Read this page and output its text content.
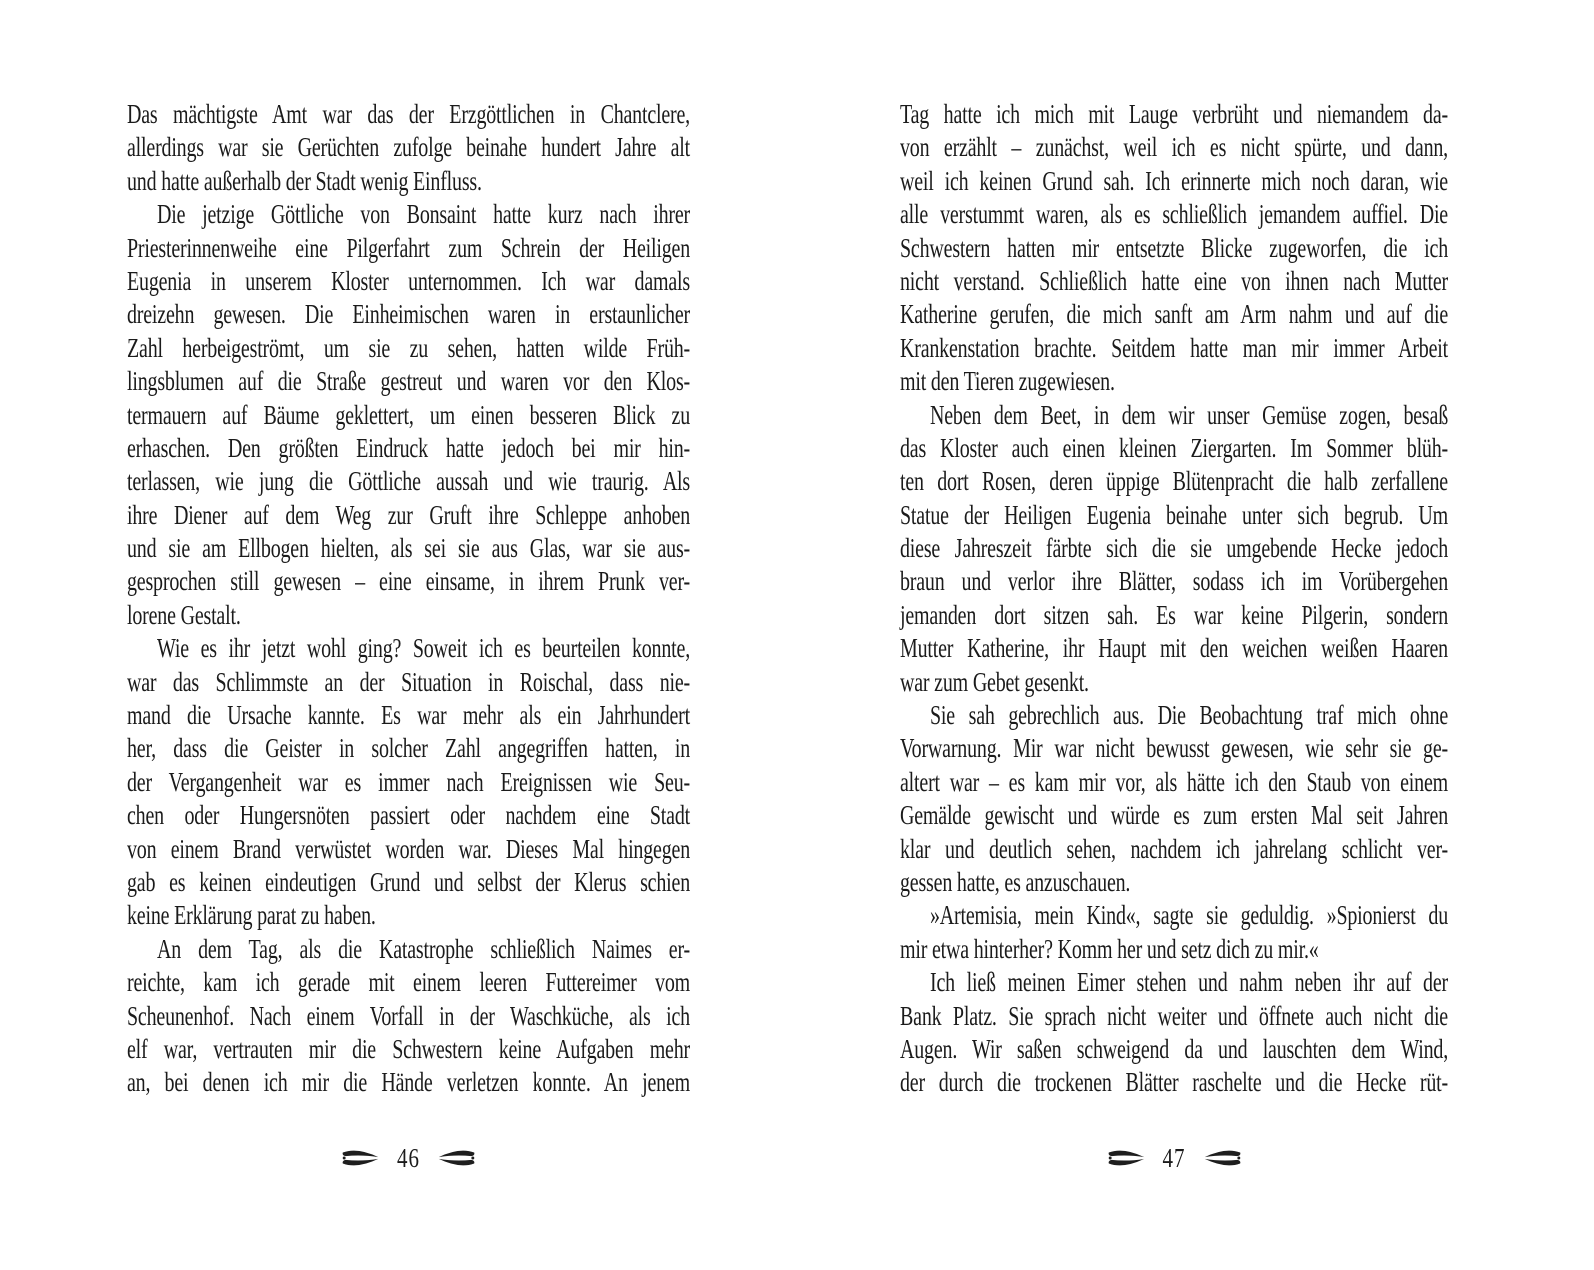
Das mächtigste Amt war das der Erzgöttlichen in Chantclere,
allerdings war sie Gerüchten zufolge beinahe hundert Jahre alt
und hatte außerhalb der Stadt wenig Einfluss.
Die jetzige Göttliche von Bonsaint hatte kurz nach ihrer
Priesterinnenweihe eine Pilgerfahrt zum Schrein der Heiligen
Eugenia in unserem Kloster unternommen. Ich war damals
dreizehn gewesen. Die Einheimischen waren in erstaunlicher
Zahl herbeigeströmt, um sie zu sehen, hatten wilde Früh-
lingsblumen auf die Straße gestreut und waren vor den Klos-
termauern auf Bäume geklettert, um einen besseren Blick zu
erhaschen. Den größten Eindruck hatte jedoch bei mir hin-
terlassen, wie jung die Göttliche aussah und wie traurig. Als
ihre Diener auf dem Weg zur Gruft ihre Schleppe anhoben
und sie am Ellbogen hielten, als sei sie aus Glas, war sie aus-
gesprochen still gewesen – eine einsame, in ihrem Prunk ver-
lorene Gestalt.
Wie es ihr jetzt wohl ging? Soweit ich es beurteilen konnte,
war das Schlimmste an der Situation in Roischal, dass nie-
mand die Ursache kannte. Es war mehr als ein Jahrhundert
her, dass die Geister in solcher Zahl angegriffen hatten, in
der Vergangenheit war es immer nach Ereignissen wie Seu-
chen oder Hungersnöten passiert oder nachdem eine Stadt
von einem Brand verwüstet worden war. Dieses Mal hingegen
gab es keinen eindeutigen Grund und selbst der Klerus schien
keine Erklärung parat zu haben.
An dem Tag, als die Katastrophe schließlich Naimes er-
reichte, kam ich gerade mit einem leeren Futtereimer vom
Scheunenhof. Nach einem Vorfall in der Waschküche, als ich
elf war, vertrauten mir die Schwestern keine Aufgaben mehr
an, bei denen ich mir die Hände verletzen konnte. An jenem
46
Tag hatte ich mich mit Lauge verbrüht und niemandem da-
von erzählt – zunächst, weil ich es nicht spürte, und dann,
weil ich keinen Grund sah. Ich erinnerte mich noch daran, wie
alle verstummt waren, als es schließlich jemandem auffiel. Die
Schwestern hatten mir entsetzte Blicke zugeworfen, die ich
nicht verstand. Schließlich hatte eine von ihnen nach Mutter
Katherine gerufen, die mich sanft am Arm nahm und auf die
Krankenstation brachte. Seitdem hatte man mir immer Arbeit
mit den Tieren zugewiesen.
Neben dem Beet, in dem wir unser Gemüse zogen, besaß
das Kloster auch einen kleinen Ziergarten. Im Sommer blüh-
ten dort Rosen, deren üppige Blütenpracht die halb zerfallene
Statue der Heiligen Eugenia beinahe unter sich begrub. Um
diese Jahreszeit färbte sich die sie umgebende Hecke jedoch
braun und verlor ihre Blätter, sodass ich im Vorübergehen
jemanden dort sitzen sah. Es war keine Pilgerin, sondern
Mutter Katherine, ihr Haupt mit den weichen weißen Haaren
war zum Gebet gesenkt.
Sie sah gebrechlich aus. Die Beobachtung traf mich ohne
Vorwarnung. Mir war nicht bewusst gewesen, wie sehr sie ge-
altert war – es kam mir vor, als hätte ich den Staub von einem
Gemälde gewischt und würde es zum ersten Mal seit Jahren
klar und deutlich sehen, nachdem ich jahrelang schlicht ver-
gessen hatte, es anzuschauen.
»Artemisia, mein Kind«, sagte sie geduldig. »Spionierst du
mir etwa hinterher? Komm her und setz dich zu mir.«
Ich ließ meinen Eimer stehen und nahm neben ihr auf der
Bank Platz. Sie sprach nicht weiter und öffnete auch nicht die
Augen. Wir saßen schweigend da und lauschten dem Wind,
der durch die trockenen Blätter raschelte und die Hecke rüt-
47
